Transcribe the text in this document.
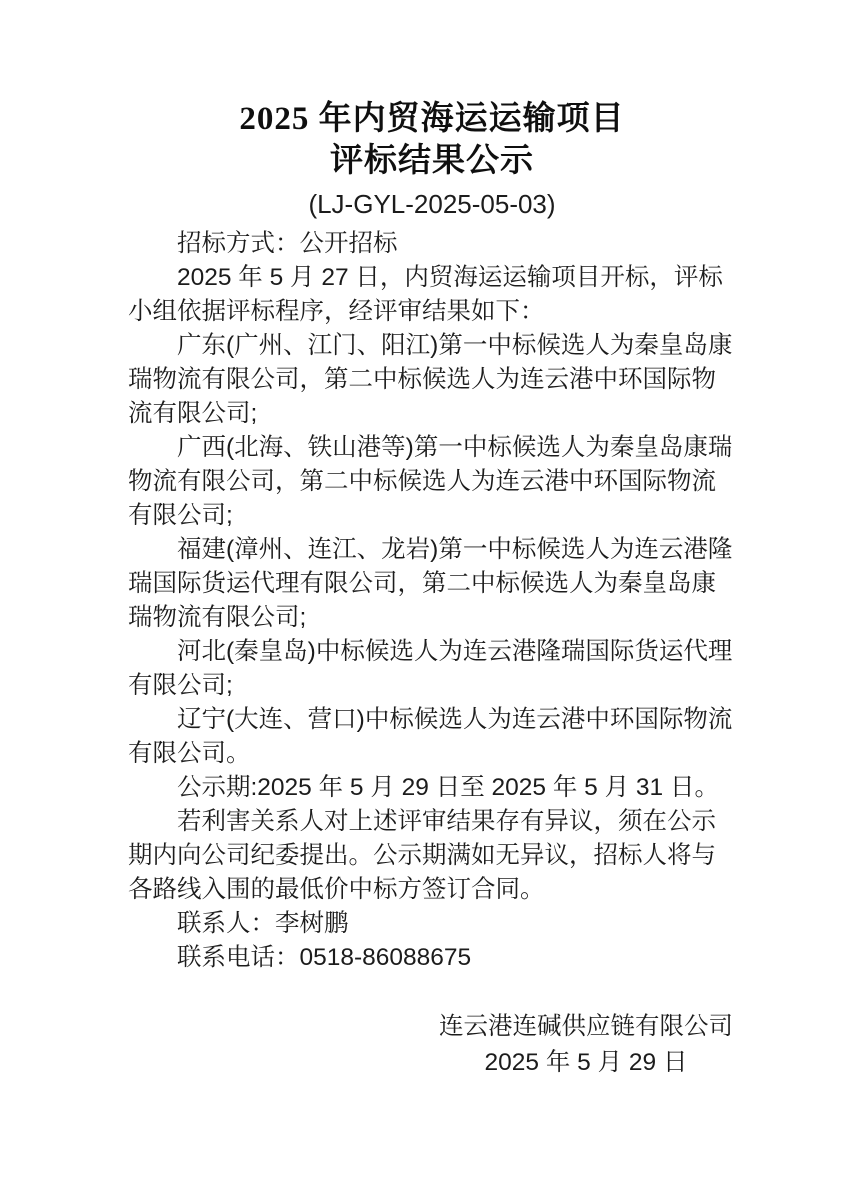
2025 年内贸海运运输项目
评标结果公示
(LJ-GYL-2025-05-03)

招标方式：公开招标

2025 年 5 月 27 日，内贸海运运输项目开标，评标小组依据评标程序，经评审结果如下：

广东(广州、江门、阳江)第一中标候选人为秦皇岛康瑞物流有限公司，第二中标候选人为连云港中环国际物流有限公司;

广西(北海、铁山港等)第一中标候选人为秦皇岛康瑞物流有限公司，第二中标候选人为连云港中环国际物流有限公司;

福建(漳州、连江、龙岩)第一中标候选人为连云港隆瑞国际货运代理有限公司，第二中标候选人为秦皇岛康瑞物流有限公司;

河北(秦皇岛)中标候选人为连云港隆瑞国际货运代理有限公司;

辽宁(大连、营口)中标候选人为连云港中环国际物流有限公司。

公示期:2025 年 5 月 29 日至 2025 年 5 月 31 日。

若利害关系人对上述评审结果存有异议，须在公示期内向公司纪委提出。公示期满如无异议，招标人将与各路线入围的最低价中标方签订合同。

联系人：李树鹏

联系电话：0518-86088675

连云港连碱供应链有限公司
2025 年 5 月 29 日
